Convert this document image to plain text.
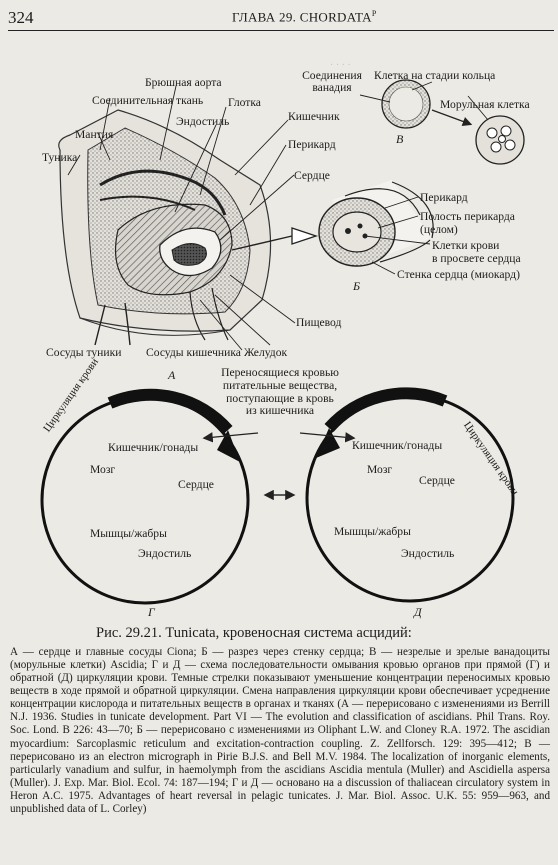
324	ГЛАВА 29. $CHORDATA^P$
· · · ·
Брюшная аорта
Соединительная ткань Глотка
Эндостиль
Мантия
Кишечник
Перикард
Туника
Сердце
Пищевод
Сосуды туники Сосуды кишечника Желудок
А
Перикард
Полость перикарда
(целом)
Клетки крови
в просвете сердца
Стенка сердца (миокард)
Б
Соединения
ванадия
Клетка на стадии кольца
Морульная клетка
В
Переносящиеся кровью
питательные вещества,
поступающие в кровь
из кишечника
Циркуляция крови
Кишечник/гонады
Мозг
Сердце
Мышцы/жабры
Эндостиль
Г
Циркуляция крови
Кишечник/гонады
Мозг
Сердце
Мышцы/жабры
Эндостиль
Д
Рис. 29.21. Tunicata, кровеносная система асцидий:
А — сердце и главные сосуды Ciona; Б — разрез через стенку сердца; В — незрелые и зрелые ванадоциты (морульные клетки) Ascidia; Г и Д — схема последовательности омывания кровью органов при прямой (Г) и обратной (Д) циркуляции крови. Темные стрелки показывают уменьшение концентрации переносимых кровью веществ в ходе прямой и обратной циркуляции. Смена направления циркуляции крови обеспечивает усреднение концентрации кислорода и питательных веществ в органах и тканях (А — перерисовано с изменениями из Berrill N.J. 1936. Studies in tunicate development. Part VI — The evolution and classification of ascidians. Phil Trans. Roy. Soc. Lond. B 226: 43—70; Б — перерисовано с изменениями из Oliphant L.W. and Cloney R.A. 1972. The ascidian myocardium: Sarcoplasmic reticulum and excitation-contraction coupling. Z. Zellforsch. 129: 395—412; В — перерисовано из an electron micrograph in Pirie B.J.S. and Bell M.V. 1984. The localization of inorganic elements, particularly vanadium and sulfur, in haemolymph from the ascidians Ascidia mentula (Muller) and Ascidiella aspersa (Muller). J. Exp. Mar. Biol. Ecol. 74: 187—194; Г и Д — основано на a discussion of thaliacean circulatory system in Heron A.C. 1975. Advantages of heart reversal in pelagic tunicates. J. Mar. Biol. Assoc. U.K. 55: 959—963, and unpublished data of L. Corley)
